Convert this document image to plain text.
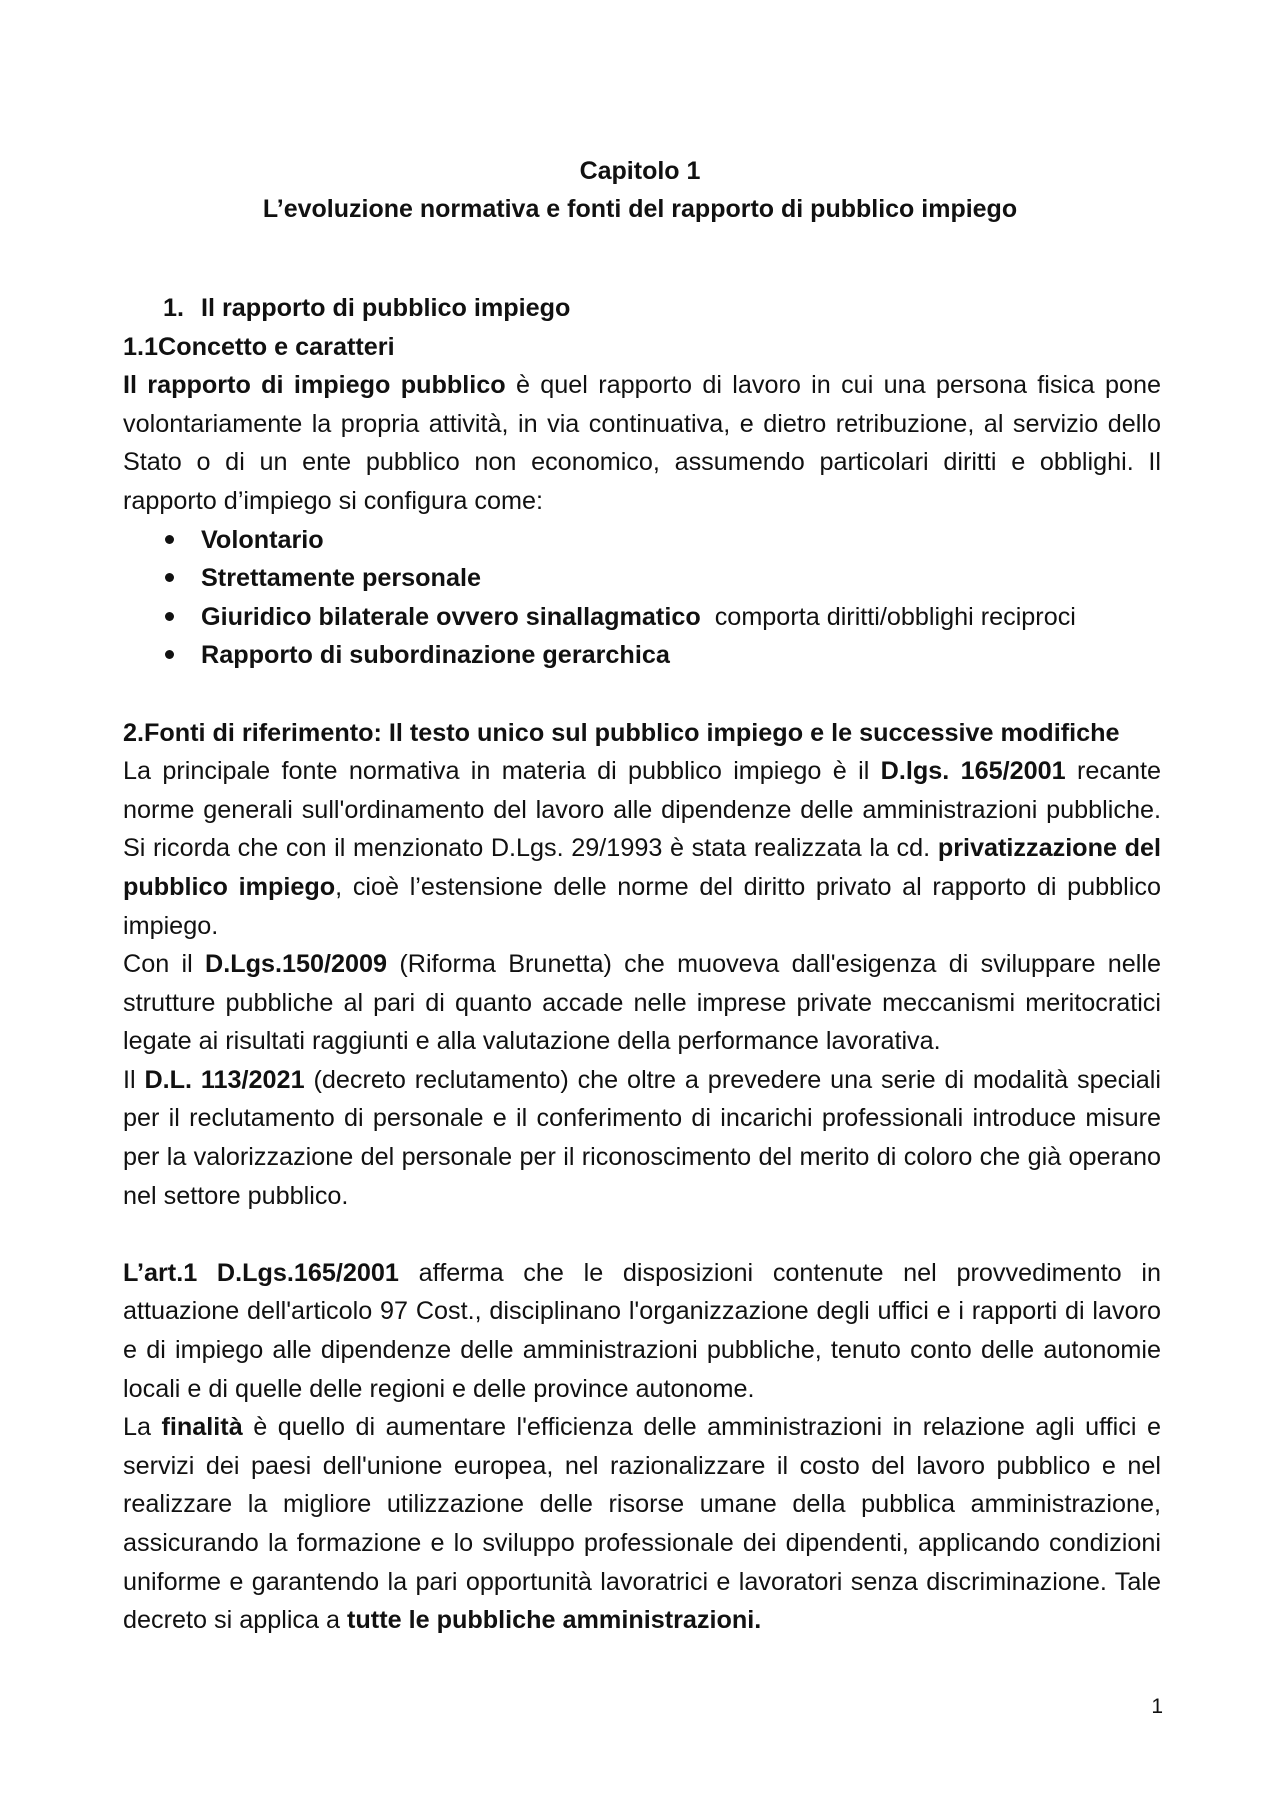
Capitolo 1
L’evoluzione normativa e fonti del rapporto di pubblico impiego
1. Il rapporto di pubblico impiego
1.1Concetto e caratteri

Il rapporto di impiego pubblico è quel rapporto di lavoro in cui una persona fisica pone volontariamente la propria attività, in via continuativa, e dietro retribuzione, al servizio dello Stato o di un ente pubblico non economico, assumendo particolari diritti e obblighi. Il rapporto d’impiego si configura come:

Volontario
Strettamente personale
Giuridico bilaterale ovvero sinallagmatico  comporta diritti/obblighi reciproci
Rapporto di subordinazione gerarchica
2.Fonti di riferimento: Il testo unico sul pubblico impiego e le successive modifiche

La principale fonte normativa in materia di pubblico impiego è il D.lgs. 165/2001 recante norme generali sull'ordinamento del lavoro alle dipendenze delle amministrazioni pubbliche. Si ricorda che con il menzionato D.Lgs. 29/1993 è stata realizzata la cd. privatizzazione del pubblico impiego, cioè l’estensione delle norme del diritto privato al rapporto di pubblico impiego.

Con il D.Lgs.150/2009 (Riforma Brunetta) che muoveva dall'esigenza di sviluppare nelle strutture pubbliche al pari di quanto accade nelle imprese private meccanismi meritocratici legate ai risultati raggiunti e alla valutazione della performance lavorativa.

Il D.L. 113/2021 (decreto reclutamento) che oltre a prevedere una serie di modalità speciali per il reclutamento di personale e il conferimento di incarichi professionali introduce misure per la valorizzazione del personale per il riconoscimento del merito di coloro che già operano nel settore pubblico.

L’art.1 D.Lgs.165/2001 afferma che le disposizioni contenute nel provvedimento in attuazione dell'articolo 97 Cost., disciplinano l'organizzazione degli uffici e i rapporti di lavoro e di impiego alle dipendenze delle amministrazioni pubbliche, tenuto conto delle autonomie locali e di quelle delle regioni e delle province autonome.

La finalità è quello di aumentare l'efficienza delle amministrazioni in relazione agli uffici e servizi dei paesi dell'unione europea, nel razionalizzare il costo del lavoro pubblico e nel realizzare la migliore utilizzazione delle risorse umane della pubblica amministrazione, assicurando la formazione e lo sviluppo professionale dei dipendenti, applicando condizioni uniforme e garantendo la pari opportunità lavoratrici e lavoratori senza discriminazione. Tale decreto si applica a tutte le pubbliche amministrazioni.

1
